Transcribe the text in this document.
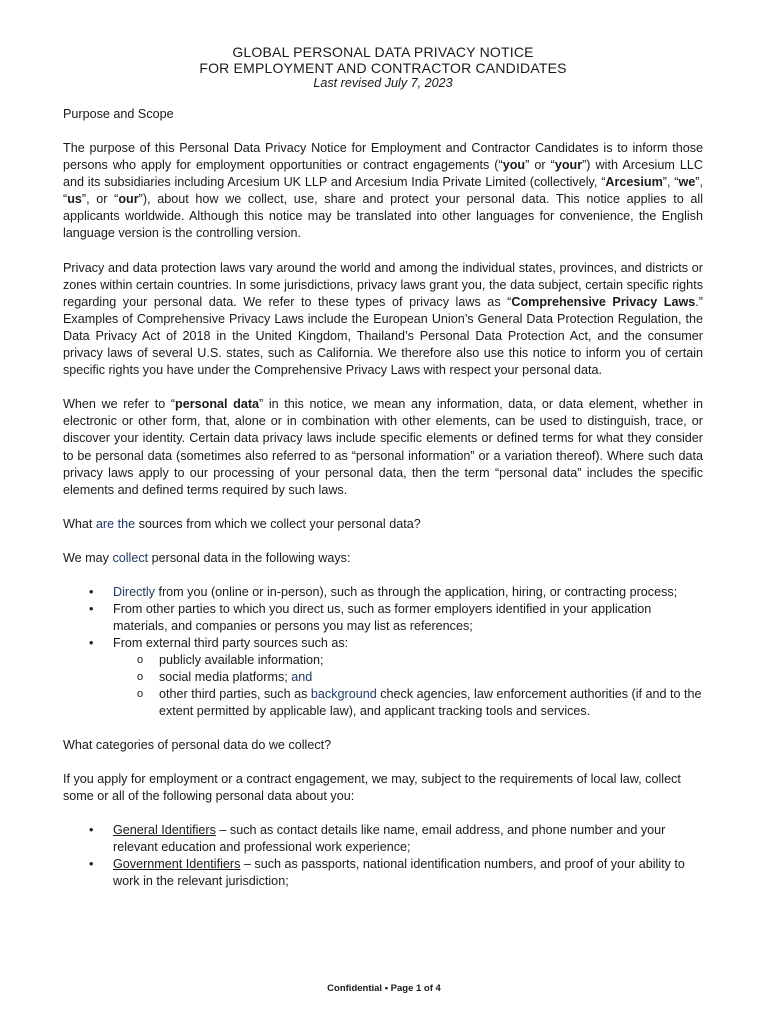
GLOBAL PERSONAL DATA PRIVACY NOTICE
FOR EMPLOYMENT AND CONTRACTOR CANDIDATES
Last revised July 7, 2023
Purpose and Scope

The purpose of this Personal Data Privacy Notice for Employment and Contractor Candidates is to inform those persons who apply for employment opportunities or contract engagements (“you” or “your”) with Arcesium LLC and its subsidiaries including Arcesium UK LLP and Arcesium India Private Limited (collectively, “Arcesium”, “we”, “us”, or “our”), about how we collect, use, share and protect your personal data. This notice applies to all applicants worldwide. Although this notice may be translated into other languages for convenience, the English language version is the controlling version.

Privacy and data protection laws vary around the world and among the individual states, provinces, and districts or zones within certain countries. In some jurisdictions, privacy laws grant you, the data subject, certain specific rights regarding your personal data. We refer to these types of privacy laws as “Comprehensive Privacy Laws.” Examples of Comprehensive Privacy Laws include the European Union’s General Data Protection Regulation, the Data Privacy Act of 2018 in the United Kingdom, Thailand’s Personal Data Protection Act, and the consumer privacy laws of several U.S. states, such as California. We therefore also use this notice to inform you of certain specific rights you have under the Comprehensive Privacy Laws with respect your personal data.

When we refer to “personal data” in this notice, we mean any information, data, or data element, whether in electronic or other form, that, alone or in combination with other elements, can be used to distinguish, trace, or discover your identity. Certain data privacy laws include specific elements or defined terms for what they consider to be personal data (sometimes also referred to as “personal information” or a variation thereof). Where such data privacy laws apply to our processing of your personal data, then the term “personal data” includes the specific elements and defined terms required by such laws.

What are the sources from which we collect your personal data?
We may collect personal data in the following ways:
• Directly from you (online or in-person), such as through the application, hiring, or contracting process;
• From other parties to which you direct us, such as former employers identified in your application materials, and companies or persons you may list as references;
• From external third party sources such as:
o publicly available information;
o social media platforms; and
o other third parties, such as background check agencies, law enforcement authorities (if and to the extent permitted by applicable law), and applicant tracking tools and services.
What categories of personal data do we collect?

If you apply for employment or a contract engagement, we may, subject to the requirements of local law, collect some or all of the following personal data about you:

• General Identifiers – such as contact details like name, email address, and phone number and your relevant education and professional work experience;
• Government Identifiers – such as passports, national identification numbers, and proof of your ability to work in the relevant jurisdiction;
Confidential • Page 1 of 4
